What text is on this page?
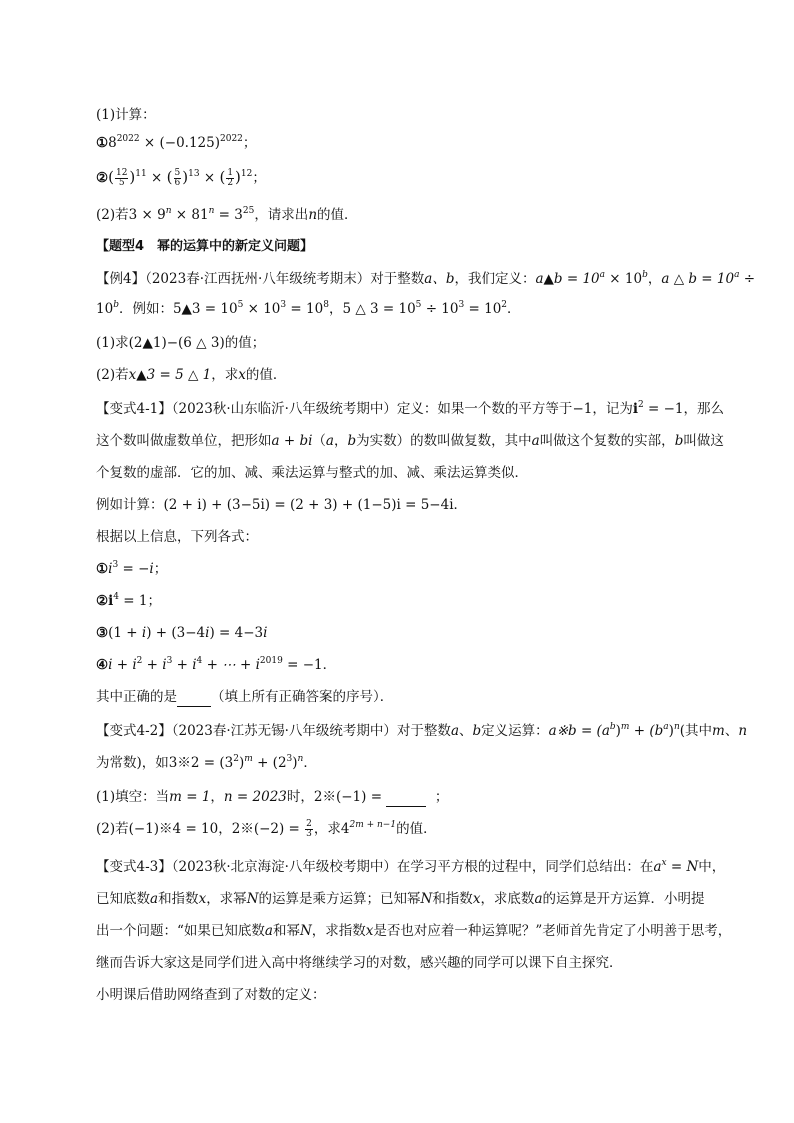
(1)计算：
$①8^{2022} \times (-0.125)^{2022}$；
②( $\frac{12}{5} )^{11}$ × ( $\frac{5}{6} )^{13}$ × ( $\frac{1}{2} )^{12}$；
(2)若$3 \times 9^n \times 81^n = 3^{25}$，请求出n的值．
【题型4　幂的运算中的新定义问题】
【例4】（2023春·江西抚州·八年级统考期末）对于整数a、b，我们定义：a▲b = $10^a \times 10^b$，a △ $b = 10^a$ ÷
$10^b$．例如：5▲3 = $10^5 \times 10^3 = 10^8$，5 △ $3 = 10^5 \div 10^3 = 10^2$．
(1)求(2▲1)−(6 △ 3)的值；
(2)若x▲3 = 5 △ 1，求x的值．
【变式4-1】（2023秋·山东临沂·八年级统考期中）定义：如果一个数的平方等于−1，记为$i^2 = -1$，那么
这个数叫做虚数单位，把形如a + bi（a，b为实数）的数叫做复数，其中a叫做这个复数的实部，b叫做这
个复数的虚部．它的加、减、乘法运算与整式的加、减、乘法运算类似．
例如计算：(2 + i) + (3−5i) = (2 + 3) + (1−5)i = 5−4i．
根据以上信息，下列各式：
$①i^3 = -i$；
$②i^4 = 1$；
③(1 + i) + (3−4i) = 4−3i
④i + $i^2 + i^3 + i^4$ + ⋯ + $i^{2019} = -1$．
其中正确的是	（填上所有正确答案的序号）．
【变式4-2】（2023春·江苏无锡·八年级统考期中）对于整数a、b定义运算：a※b = $(a^b)^m + (b^a)^n$(其中m、n
为常数)，如3※2 = $(3^2)^m + (2^3)^n$．
(1)填空：当m = 1，n = 2023时，2※(−1) =	；
(2)若(−1)※4 = 10，2※(−2) = $\frac{2}{3}$ ，求$4^{2m + n-1}$的值．
【变式4-3】（2023秋·北京海淀·八年级校考期中）在学习平方根的过程中，同学们总结出：在$a^x = N$中，
已知底数a和指数x，求幂N的运算是乘方运算；已知幂N和指数x，求底数a的运算是开方运算．小明提
出一个问题：“如果已知底数a和幂N，求指数x是否也对应着一种运算呢？”老师首先肯定了小明善于思考，
继而告诉大家这是同学们进入高中将继续学习的对数，感兴趣的同学可以课下自主探究．
小明课后借助网络查到了对数的定义：
